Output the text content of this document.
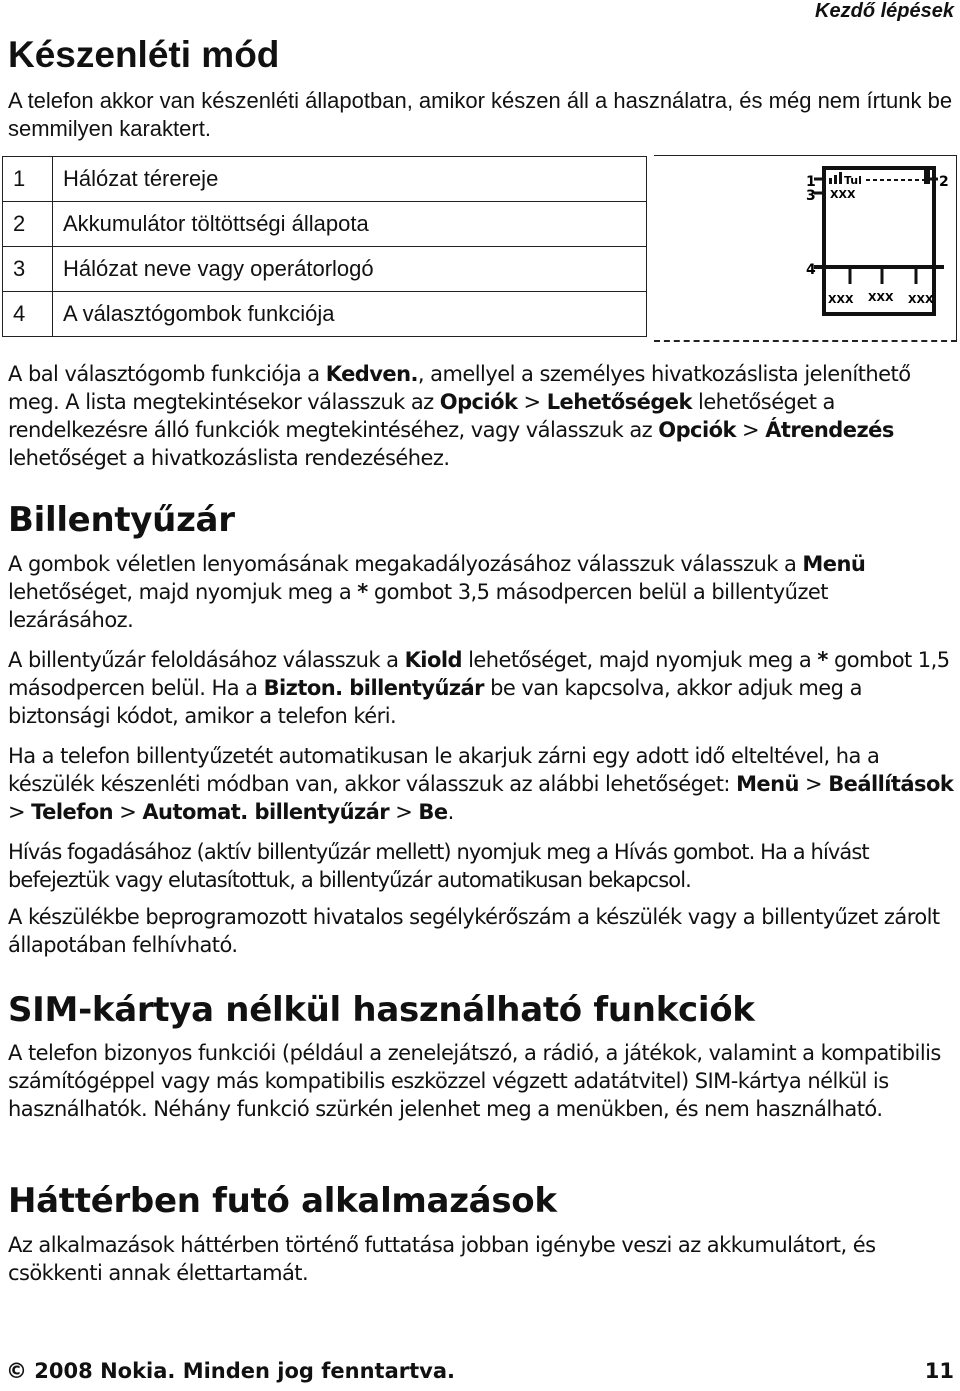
Kezdő lépések
Készenléti mód
A telefon akkor van készenléti állapotban, amikor készen áll a használatra, és még nem írtunk be semmilyen karaktert.
1	Hálózat térereje
2	Akkumulátor töltöttségi állapota
3	Hálózat neve vagy operátorlogó
4	A választógombok funkciója
1	Tul	2
3 XXX
4
XXX XXX XXX
A bal választógomb funkciója a Kedven., amellyel a személyes hivatkozáslista jeleníthető meg. A lista megtekintésekor válasszuk az Opciók > Lehetőségek lehetőséget a rendelkezésre álló funkciók megtekintéséhez, vagy válasszuk az Opciók > Átrendezés lehetőséget a hivatkozáslista rendezéséhez.
Billentyűzár
A gombok véletlen lenyomásának megakadályozásához válasszuk válasszuk a Menü lehetőséget, majd nyomjuk meg a * gombot 3,5 másodpercen belül a billentyűzet lezárásához.
A billentyűzár feloldásához válasszuk a Kiold lehetőséget, majd nyomjuk meg a * gombot 1,5 másodpercen belül. Ha a Bizton. billentyűzár be van kapcsolva, akkor adjuk meg a biztonsági kódot, amikor a telefon kéri.
Ha a telefon billentyűzetét automatikusan le akarjuk zárni egy adott idő elteltével, ha a készülék készenléti módban van, akkor válasszuk az alábbi lehetőséget: Menü > Beállítások > Telefon > Automat. billentyűzár > Be.
Hívás fogadásához (aktív billentyűzár mellett) nyomjuk meg a Hívás gombot. Ha a hívást befejeztük vagy elutasítottuk, a billentyűzár automatikusan bekapcsol.
A készülékbe beprogramozott hivatalos segélykérőszám a készülék vagy a billentyűzet zárolt állapotában felhívható.
SIM-kártya nélkül használható funkciók
A telefon bizonyos funkciói (például a zenelejátszó, a rádió, a játékok, valamint a kompatibilis számítógéppel vagy más kompatibilis eszközzel végzett adatátvitel) SIM-kártya nélkül is használhatók. Néhány funkció szürkén jelenhet meg a menükben, és nem használható.
Háttérben futó alkalmazások
Az alkalmazások háttérben történő futtatása jobban igénybe veszi az akkumulátort, és csökkenti annak élettartamát.
© 2008 Nokia. Minden jog fenntartva.	11
